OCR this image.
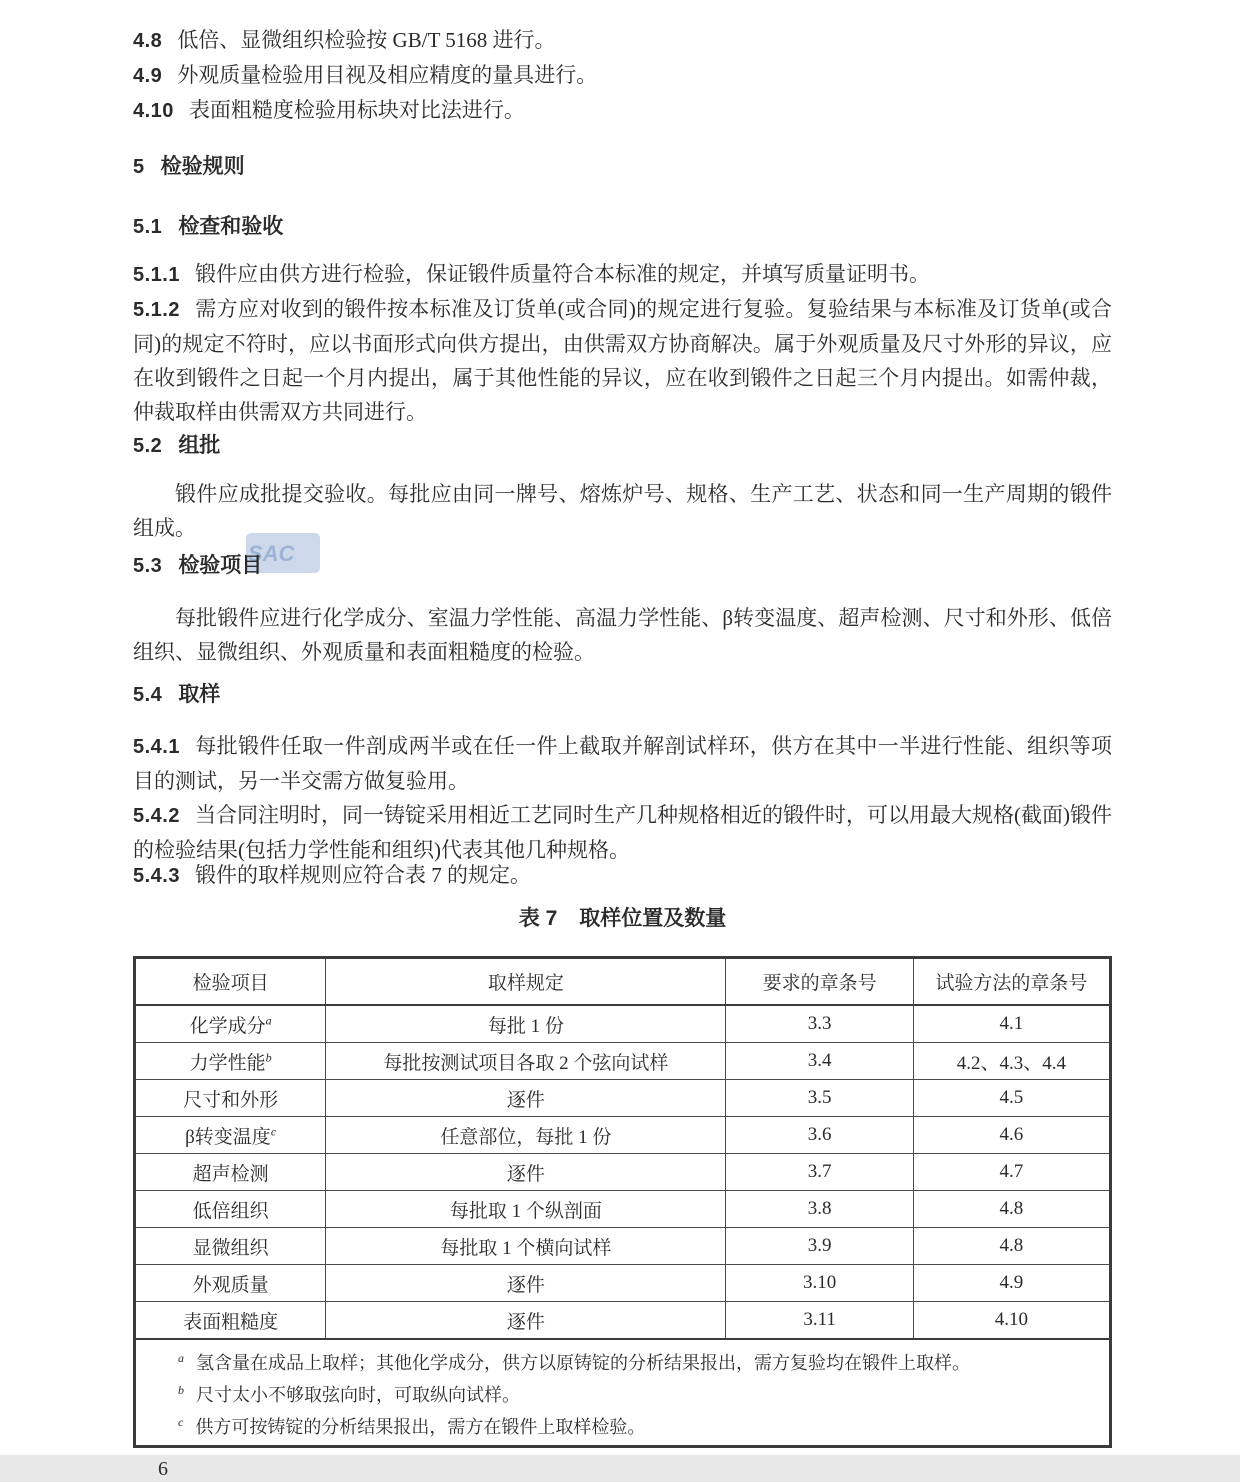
SAC

4.8 低倍、显微组织检验按 GB/T 5168 进行。

4.9 外观质量检验用目视及相应精度的量具进行。

4.10 表面粗糙度检验用标块对比法进行。

5 检验规则
5.1 检查和验收

5.1.1 锻件应由供方进行检验，保证锻件质量符合本标准的规定，并填写质量证明书。

5.1.2 需方应对收到的锻件按本标准及订货单(或合同)的规定进行复验。复验结果与本标准及订货单(或合同)的规定不符时，应以书面形式向供方提出，由供需双方协商解决。属于外观质量及尺寸外形的异议，应在收到锻件之日起一个月内提出，属于其他性能的异议，应在收到锻件之日起三个月内提出。如需仲裁，仲裁取样由供需双方共同进行。

5.2 组批

锻件应成批提交验收。每批应由同一牌号、熔炼炉号、规格、生产工艺、状态和同一生产周期的锻件组成。

5.3 检验项目

每批锻件应进行化学成分、室温力学性能、高温力学性能、β转变温度、超声检测、尺寸和外形、低倍组织、显微组织、外观质量和表面粗糙度的检验。

5.4 取样

5.4.1 每批锻件任取一件剖成两半或在任一件上截取并解剖试样环，供方在其中一半进行性能、组织等项目的测试，另一半交需方做复验用。

5.4.2 当合同注明时，同一铸锭采用相近工艺同时生产几种规格相近的锻件时，可以用最大规格(截面)锻件的检验结果(包括力学性能和组织)代表其他几种规格。

5.4.3 锻件的取样规则应符合表 7 的规定。

表 7 取样位置及数量
检验项目	取样规定	要求的章条号	试验方法的章条号
化学成分$^a$	每批 1 份	3.3	4.1
力学性能$^b$	每批按测试项目各取 2 个弦向试样	3.4	4.2、4.3、4.4
尺寸和外形	逐件	3.5	4.5
β转变温度$^c$	任意部位，每批 1 份	3.6	4.6
超声检测	逐件	3.7	4.7
低倍组织	每批取 1 个纵剖面	3.8	4.8
显微组织	每批取 1 个横向试样	3.9	4.8
外观质量	逐件	3.10	4.9
表面粗糙度	逐件	3.11	4.10

$^a$ 氢含量在成品上取样；其他化学成分，供方以原铸锭的分析结果报出，需方复验均在锻件上取样。
$^b$ 尺寸太小不够取弦向时，可取纵向试样。
$^c$ 供方可按铸锭的分析结果报出，需方在锻件上取样检验。			
6
